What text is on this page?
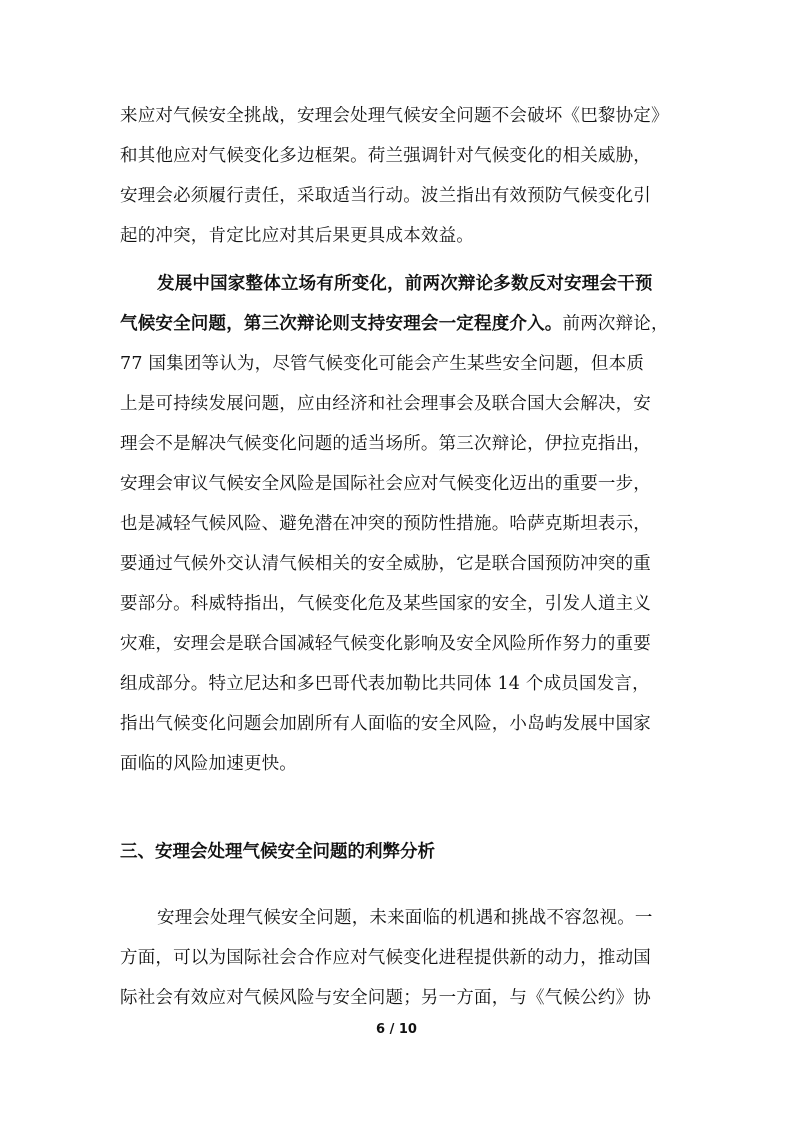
来应对气候安全挑战，安理会处理气候安全问题不会破坏《巴黎协定》
和其他应对气候变化多边框架。荷兰强调针对气候变化的相关威胁，
安理会必须履行责任，采取适当行动。波兰指出有效预防气候变化引
起的冲突，肯定比应对其后果更具成本效益。
发展中国家整体立场有所变化，前两次辩论多数反对安理会干预
气候安全问题，第三次辩论则支持安理会一定程度介入。前两次辩论，
77 国集团等认为，尽管气候变化可能会产生某些安全问题，但本质
上是可持续发展问题，应由经济和社会理事会及联合国大会解决，安
理会不是解决气候变化问题的适当场所。第三次辩论，伊拉克指出，
安理会审议气候安全风险是国际社会应对气候变化迈出的重要一步，
也是减轻气候风险、避免潜在冲突的预防性措施。哈萨克斯坦表示，
要通过气候外交认清气候相关的安全威胁，它是联合国预防冲突的重
要部分。科威特指出，气候变化危及某些国家的安全，引发人道主义
灾难，安理会是联合国减轻气候变化影响及安全风险所作努力的重要
组成部分。特立尼达和多巴哥代表加勒比共同体 14 个成员国发言，
指出气候变化问题会加剧所有人面临的安全风险，小岛屿发展中国家
面临的风险加速更快。
三、安理会处理气候安全问题的利弊分析
安理会处理气候安全问题，未来面临的机遇和挑战不容忽视。一
方面，可以为国际社会合作应对气候变化进程提供新的动力，推动国
际社会有效应对气候风险与安全问题；另一方面，与《气候公约》协
6 / 10
